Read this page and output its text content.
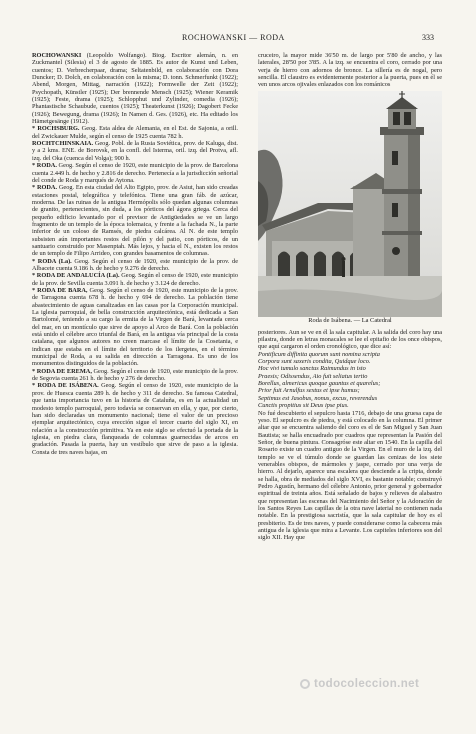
ROCHOWANSKI — RODA	333

ROCHOWANSKI (Leopoldo Wolfango). Biog. Escritor alemán, n. en Zuckmantel (Silesia) el 3 de agosto de 1885. Es autor de Kunst und Leben, cuentos; D. Verbrecherpaar, drama; Seltatenbild, en colaboración con Dora Duncker; D. Dolch, en colaboración con la misma; D. tonn. Schmerfunkt (1922); Abend, Morgen, Mittag, narración (1922); Formwelle der Zeit (1922); Psychopath, Künstler (1925); Der brennende Mensch (1925); Wiener Keramik (1925); Feste, drama (1925); Schlopphut und Zylinder, comedia (1926); Phantastische Schaubude, cuentos (1925); Theaterkunst (1926); Dagobert Fecke (1926); Bewegung, drama (1926); In Namen d. Ges. (1926), etc. Ha editado los Hämetgesänge (1912).

* ROCHSBURG. Geog. Esta aldea de Alemania, en el Est. de Sajonia, a orill. del Zwickauer Mulde, según el censo de 1925 cuenta 782 h.

ROCHTCHINSKAIA. Geog. Pobl. de la Rusia Soviética, prov. de Kaluga, dist. y a 2 kms. ENE. de Borovsk, en la confl. del Isterma, oril. izq. del Protva, afl. izq. del Oka (cuenca del Volga); 900 h.

* RODA. Geog. Según el censo de 1920, este municipio de la prov. de Barcelona cuenta 2.449 h. de hecho y 2.816 de derecho. Pertenecía a la jurisdicción señorial del conde de Roda y marqués de Aytona.

* RODA. Geog. En esta ciudad del Alto Egipto, prov. de Asiut, han sido creadas estaciones postal, telegráfica y telefónica. Tiene una gran fáb. de azúcar, moderna. De las ruinas de la antigua Hermópolis sólo quedan algunas columnas de granito, pertenecientes, sin duda, a los pórticos del ágora griega. Cerca del pequeño edificio levantado por el previsor de Antigüedades se ve un largo fragmento de un templo de la época tolemaica, y frente a la fachada N., la parte inferior de un coloso de Ramsés, de piedra calcárea. Al N. de este templo subsisten aún importantes restos del pilón y del patio, con pórticos, de un santuario construido por Masenptah. Más lejos, y hacia el N., existen los restos de un templo de Filipo Arrideo, con grandes basamentos de columnas.

* RODA (La). Geog. Según el censo de 1920, este municipio de la prov. de Albacete cuenta 9.186 h. de hecho y 9.276 de derecho.

* RODA DE ANDALUCÍA (La). Geog. Según el censo de 1920, este municipio de la prov. de Sevilla cuenta 3.091 h. de hecho y 3.124 de derecho.

* RODA DE BARA, Geog. Según el censo de 1920, este municipio de la prov. de Tarragona cuenta 678 h. de hecho y 694 de derecho. La población tiene abastecimiento de aguas canalizadas en las casas por la Corporación municipal. La iglesia parroquial, de bella construcción arquitectónica, está dedicada a San Bartolomé, teniendo a su cargo la ermita de la Virgen de Bará, levantada cerca del mar, en un montículo que sirve de apoyo al Arco de Bará. Con la población está unido el célebre arco triunfal de Bará, en la antigua vía principal de la costa catalana, que algunos autores no creen marcase el límite de la Cosetania, e indican que estaba en el límite del territorio de los ilergetes, en el término municipal de Roda, a su salida en dirección a Tarragona. Es uno de los monumentos distinguidos de la población.

* RODA DE EREMA, Geog. Según el censo de 1920, este municipio de la prov. de Segovia cuenta 261 h. de hecho y 276 de derecho.

* RODA DE ISÁBENA. Geog. Según el censo de 1920, este municipio de la prov. de Huesca cuenta 289 h. de hecho y 311 de derecho. Su famosa Catedral, que tanta importancia tuvo en la historia de Cataluña, es en la actualidad un modesto templo parroquial, pero todavía se conservan en ella, y que, por cierto, han sido declaradas un monumento nacional; tiene el valor de un precioso ejemplar arquitectónico, cuya erección sigue el tercer cuarto del siglo XI, en relación a la construcción primitiva. Ya en este siglo se efectuó la portada de la iglesia, en piedra clara, flanqueada de columnas guarnecidas de arcos en gradación. Pasada la puerta, hay un vestíbulo que sirve de paso a la iglesia. Consta de tres naves bajas, en

cruceiro, la mayor mide 36'50 m. de largo por 5'80 de ancho, y las laterales, 28'50 por 3'85. A la izq. se encuentra el coro, cerrado por una verja de hierro con adornos de bronce. La sillería es de nogal, pero sencilla. El claustro es evidentemente posterior a la puerta, pues en él se ven unos arcos ojivales enlazados con los románicos

Roda de Isábena. — La Catedral

posteriores. Aun se ve en él la sala capitular. A la salida del coro hay una pilastra, donde en letras monacales se lee el epitafio de los once obispos, que aquí cargaron el orden cronológico, que dice así:

Pontificum diffinita quorum sunt nomina scripta

Corpora sunt saxeris condita, Quidque loco.

Hoc vivi tumulo sanctus Raimundus in isto

Praesis; Odissendus, Aio fuit seliatus tertio

Borellus, almericus quoque gauntus et quarelus;

Prior fuit Arnulfus sextus et ipse humus;

Septimus est Jasobus, nonus, excus, reverendus

Cunctis propitius sit Deus ipse pius.

No fué descubierto el sepulcro hasta 1716, debajo de una gruesa capa de yeso. El sepulcro es de piedra, y está colocado en la columna. El primer altar que se encuentra saliendo del coro es el de San Miguel y San Juan Bautista; se halla encuadrado por cuadros que representan la Pasión del Señor, de buena pintura. Consagróse este altar en 1540. En la capilla del Rosario existe un cuadro antiguo de la Virgen. En el muro de la izq. del templo se ve el túmulo donde se guardan las cenizas de los siete venerables obispos, de mármoles y jaspe, cerrado por una verja de hierro. Al dejarlo, aparece una escalera que desciende a la cripta, donde se halla, obra de mediados del siglo XVI, es bastante notable; construyó Pedro Agustín, hermano del célebre Antonio, prior general y gobernador espiritual de treinta años. Está señalado de bajos y relieves de alabastro que representan las escenas del Nacimiento del Señor y la Adoración de los Santos Reyes Las capillas de la otra nave laterial no contienen nada notable. En la prestigiosa sacristía, que la sala capitular de hoy es el presbiterio. Es de tres naves, y puede considerarse como la cabecera más antigua de la iglesia que mira a Levante. Los capiteles inferiores son del siglo XII. Hay que

todocoleccion.net
